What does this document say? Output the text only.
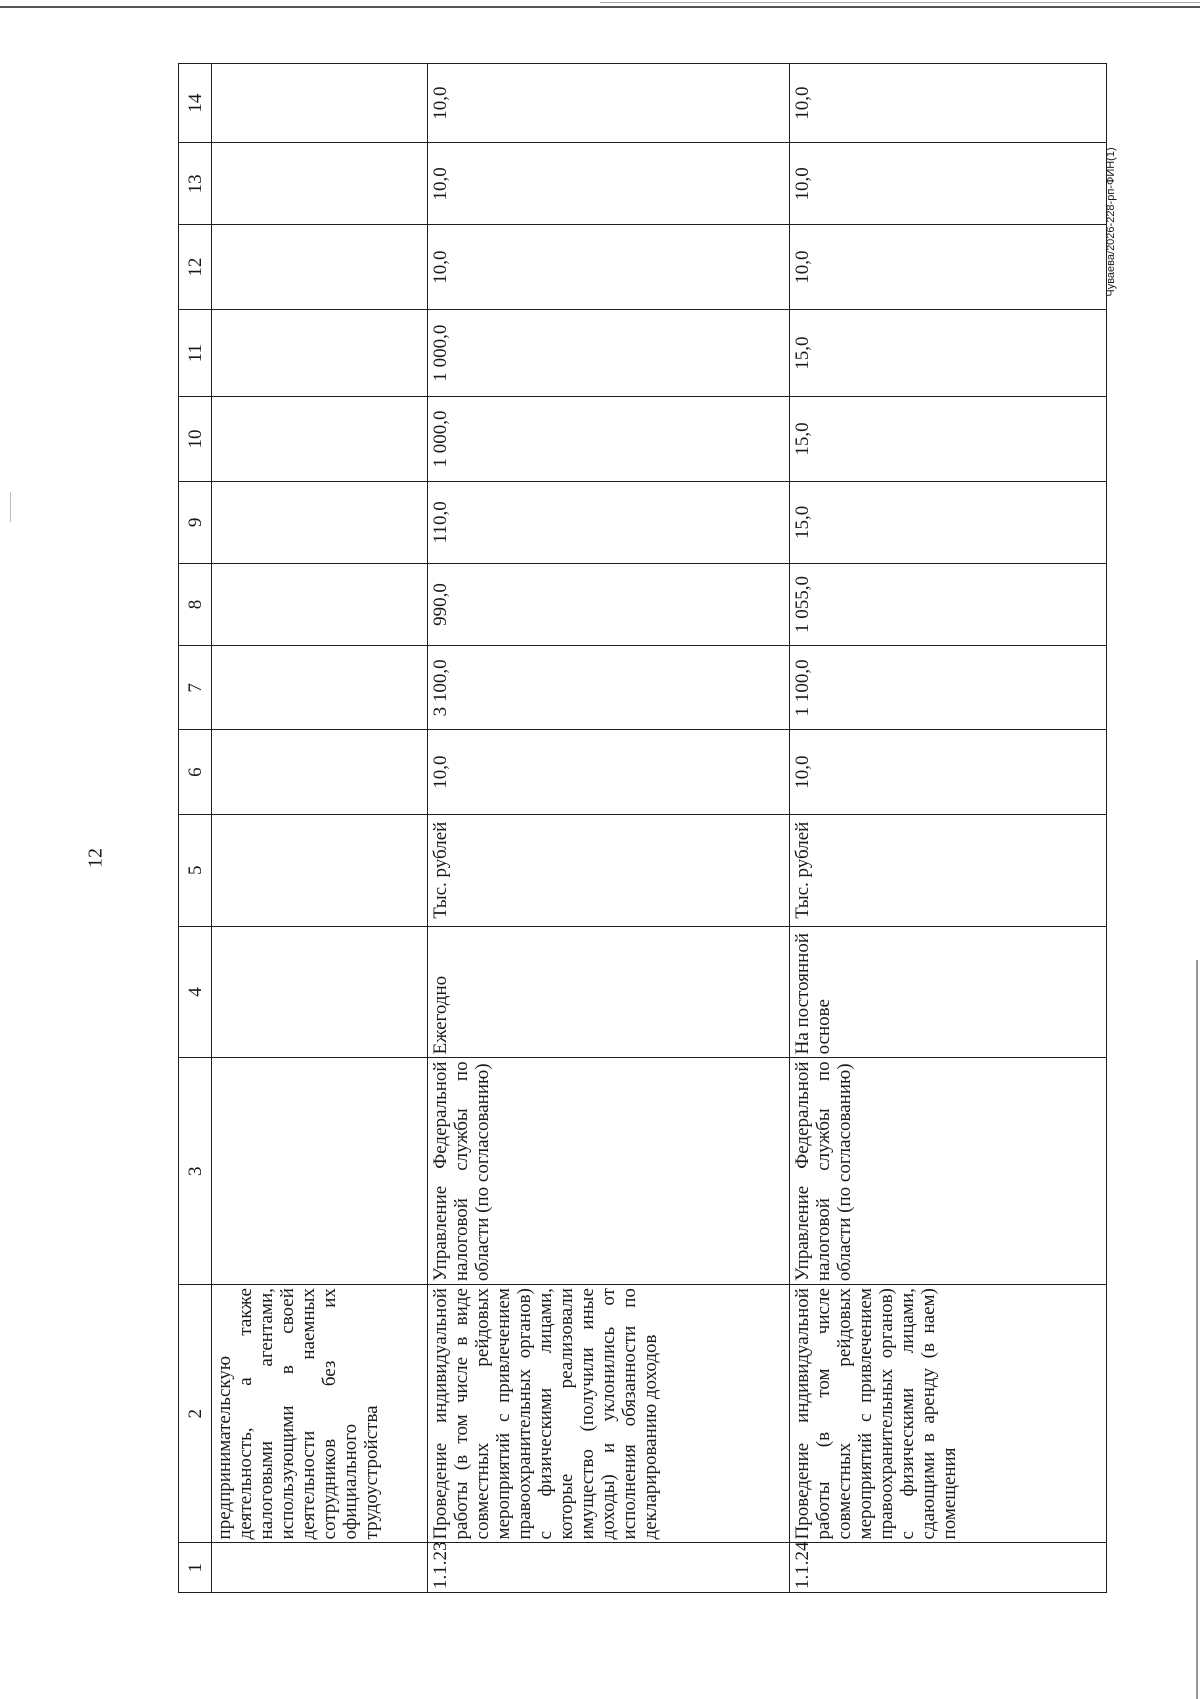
12
Чуваева/2026-228-рп-ФИН(1)
1	2	3	4	5	6	7	8	9	10	11	12	13	14
	предпринимательскую деятельность, а также налоговыми агентами, использующими в своей деятельности наемных сотрудников без их официального трудоустройства												
1.1.23	Проведение индивидуальной работы (в том числе в виде совместных рейдовых мероприятий с привлечением правоохранительных органов) с физическими лицами, которые реализовали имущество (получили иные доходы) и уклонились от исполнения обязанности по декларированию доходов	Управление Федеральной налоговой службы по области (по согласованию)	Ежегодно	Тыс. рублей	10,0	3 100,0	990,0	110,0	1 000,0	1 000,0	10,0	10,0	10,0
1.1.24	Проведение индивидуальной работы (в том числе совместных рейдовых мероприятий с привлечением правоохранительных органов) с физическими лицами, сдающими в аренду (в наем) помещения	Управление Федеральной налоговой службы по области (по согласованию)	На постоянной основе	Тыс. рублей	10,0	1 100,0	1 055,0	15,0	15,0	15,0	10,0	10,0	10,0
